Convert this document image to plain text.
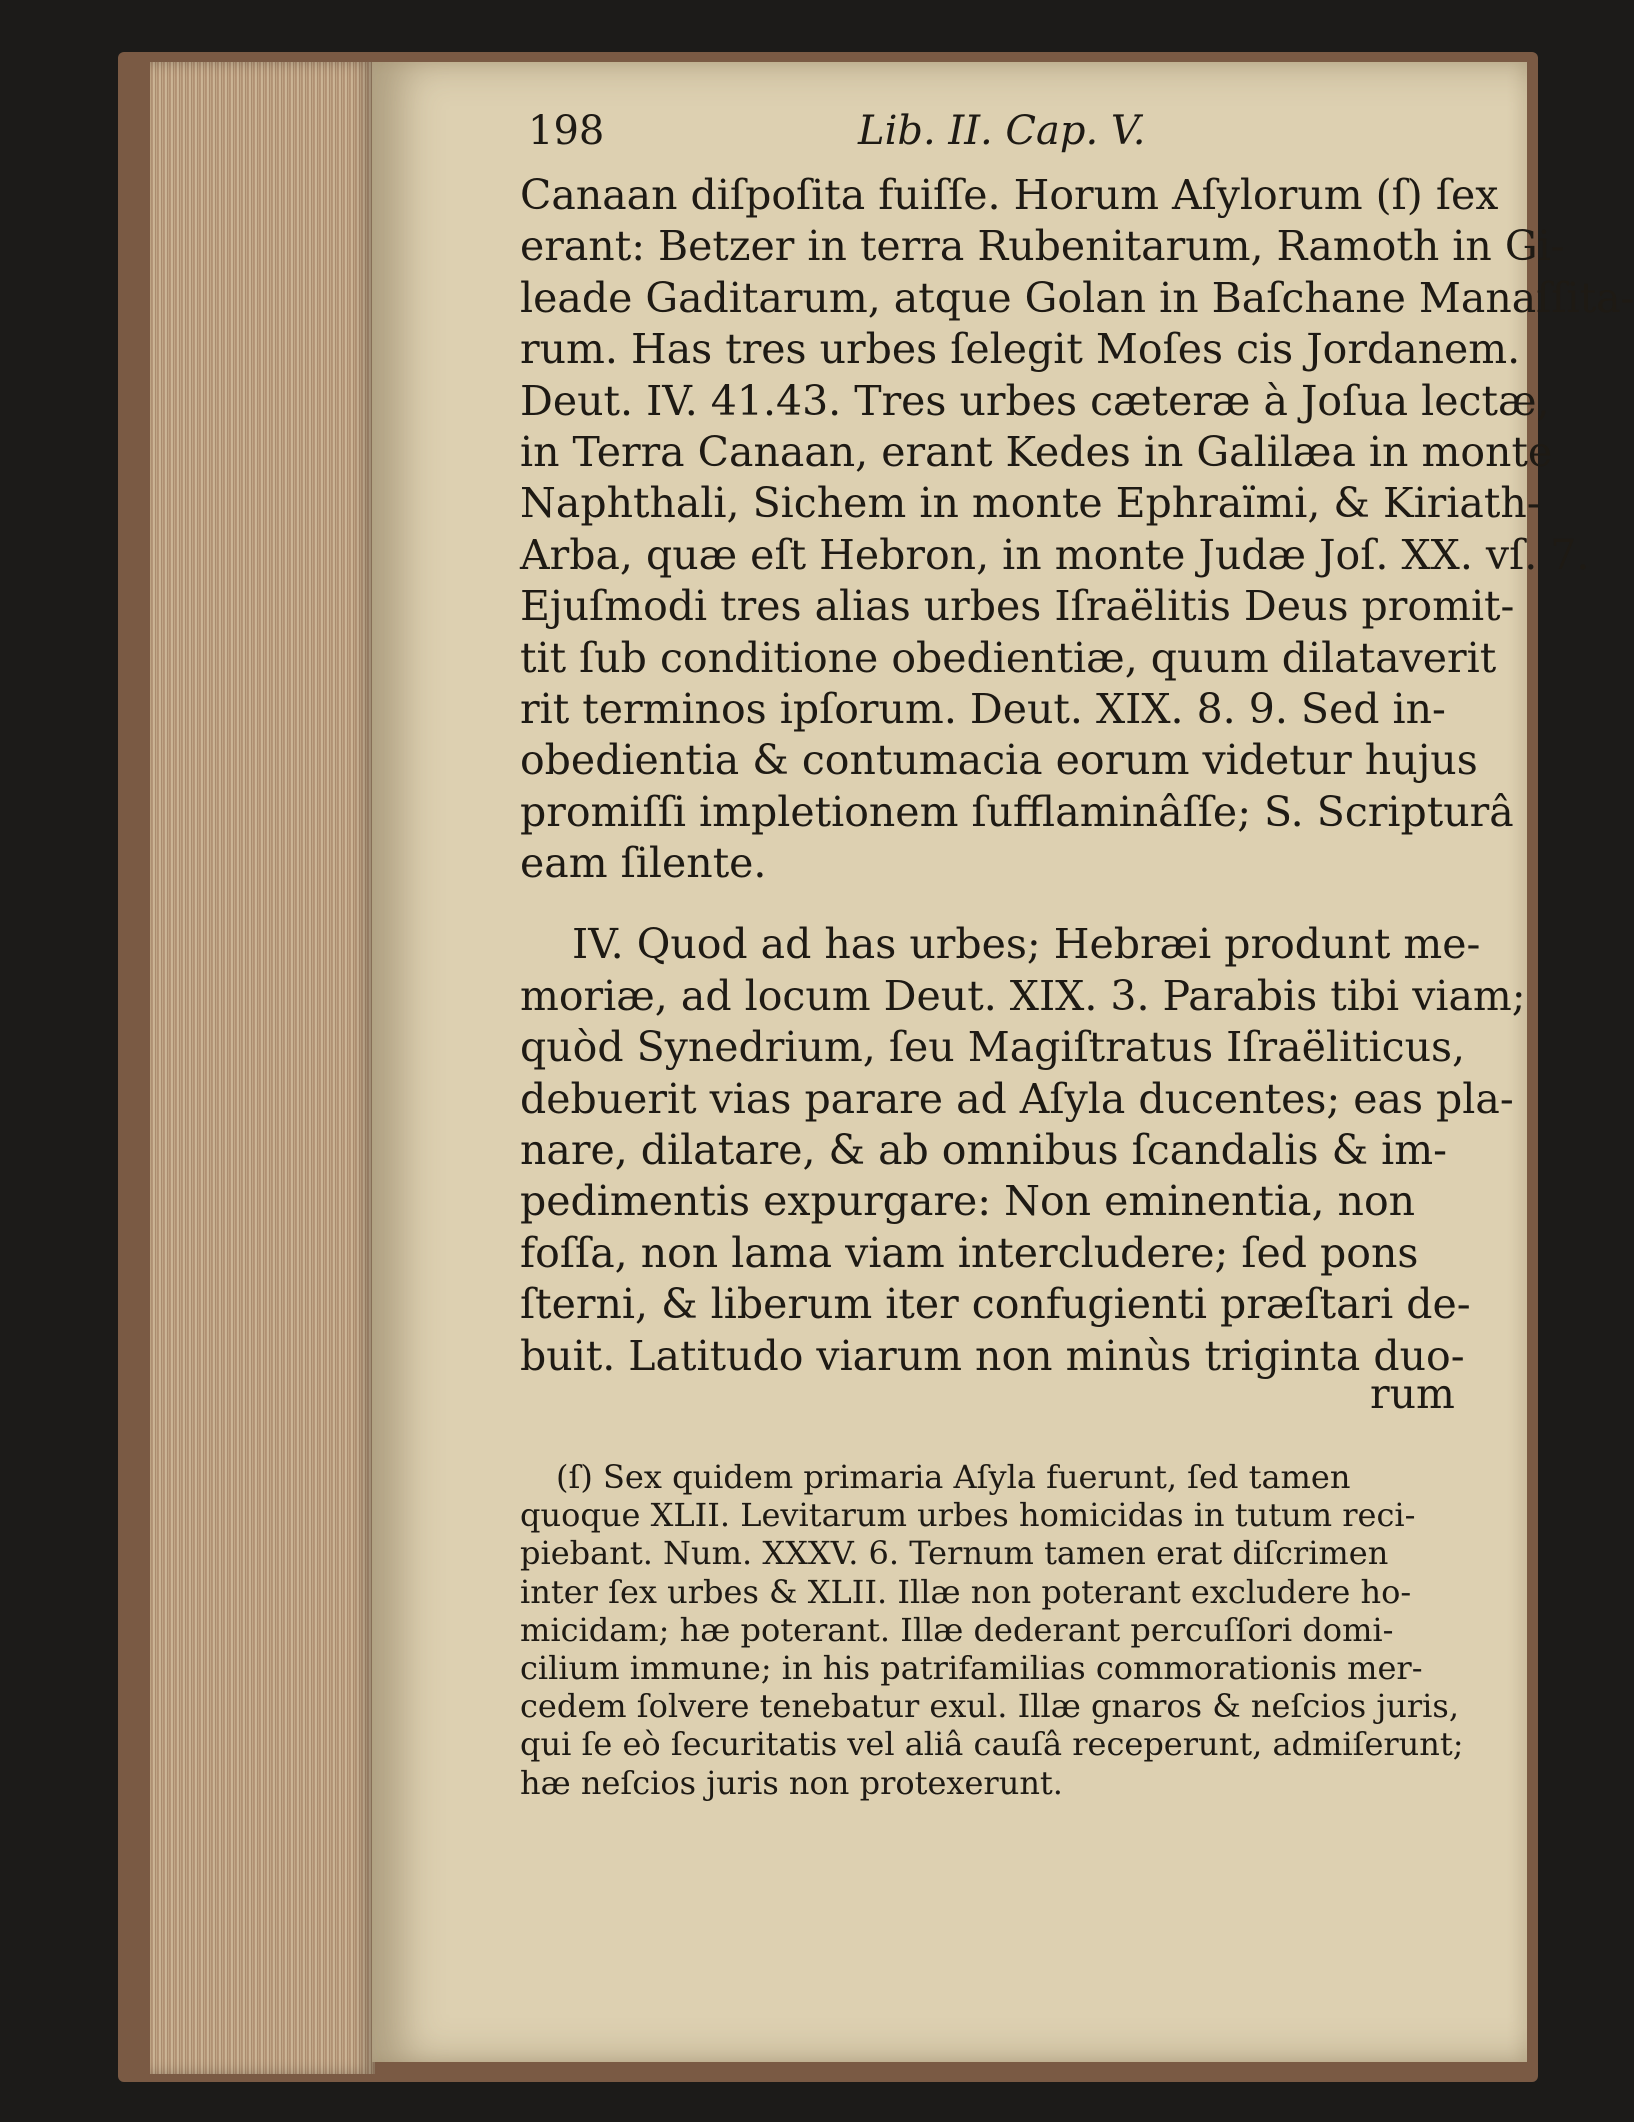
198	Lib. II. Cap. V.
Canaan diſpoſita fuiſſe. Horum Aſylorum (ſ) ſex
erant: Betzer in terra Rubenitarum, Ramoth in Gi-
leade Gaditarum, atque Golan in Baſchane Manaſſita-
rum. Has tres urbes ſelegit Moſes cis Jordanem.
Deut. IV. 41.43. Tres urbes cæteræ à Joſua lectæ,
in Terra Canaan, erant Kedes in Galilæa in monte
Naphthali, Sichem in monte Ephraïmi, & Kiriath-
Arba, quæ eſt Hebron, in monte Judæ Joſ. XX. vſ. 7.
Ejuſmodi tres alias urbes Iſraëlitis Deus promit-
tit ſub conditione obedientiæ, quum dilataverit
rit terminos ipſorum. Deut. XIX. 8. 9. Sed in-
obedientia & contumacia eorum videtur hujus
promiſſi impletionem ſufflaminâſſe; S. Scripturâ
eam ſilente.
IV. Quod ad has urbes; Hebræi produnt me-
moriæ, ad locum Deut. XIX. 3. Parabis tibi viam;
quòd Synedrium, ſeu Magiſtratus Iſraëliticus,
debuerit vias parare ad Aſyla ducentes; eas pla-
nare, dilatare, & ab omnibus ſcandalis & im-
pedimentis expurgare: Non eminentia, non
foſſa, non lama viam intercludere; ſed pons
ſterni, & liberum iter confugienti præſtari de-
buit. Latitudo viarum non minùs triginta duo-
rum
(ſ) Sex quidem primaria Aſyla fuerunt, ſed tamen
quoque XLII. Levitarum urbes homicidas in tutum reci-
piebant. Num. XXXV. 6. Ternum tamen erat diſcrimen
inter ſex urbes & XLII. Illæ non poterant excludere ho-
micidam; hæ poterant. Illæ dederant percuſſori domi-
cilium immune; in his patrifamilias commorationis mer-
cedem ſolvere tenebatur exul. Illæ gnaros & neſcios juris,
qui ſe eò ſecuritatis vel aliâ cauſâ receperunt, admiſerunt;
hæ neſcios juris non protexerunt.
